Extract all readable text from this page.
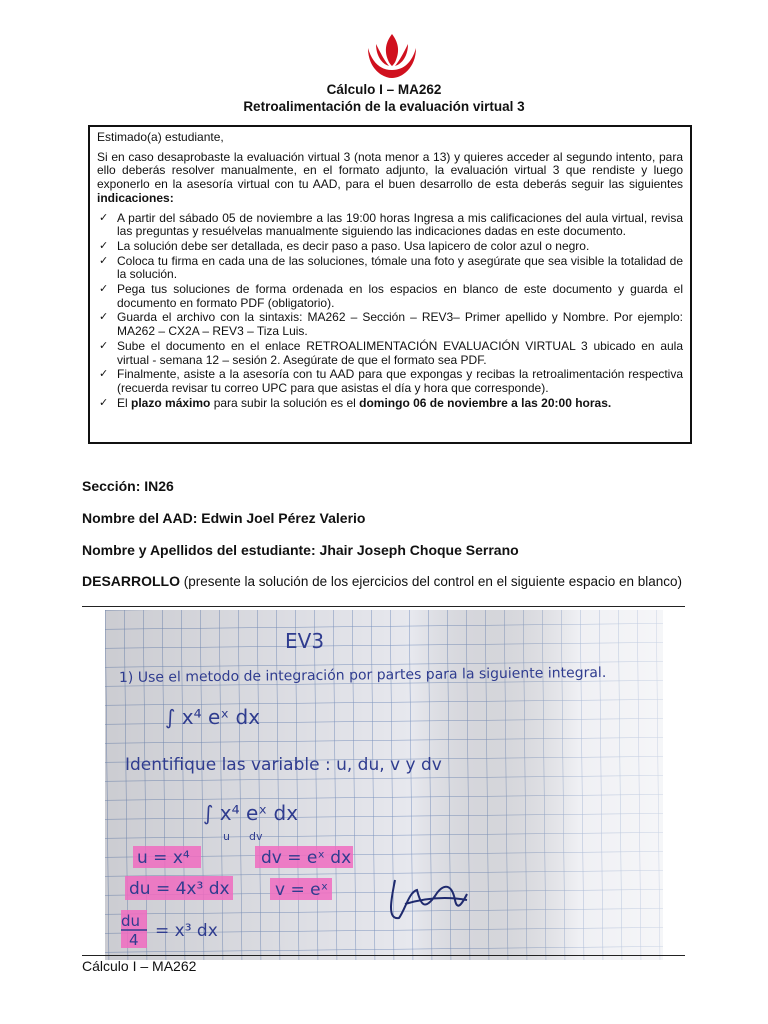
Cálculo I – MA262
Retroalimentación de la evaluación virtual 3

Estimado(a) estudiante,

Si en caso desaprobaste la evaluación virtual 3 (nota menor a 13) y quieres acceder al segundo intento, para ello deberás resolver manualmente, en el formato adjunto, la evaluación virtual 3 que rendiste y luego exponerlo en la asesoría virtual con tu AAD, para el buen desarrollo de esta deberás seguir las siguientes indicaciones:

✓ A partir del sábado 05 de noviembre a las 19:00 horas Ingresa a mis calificaciones del aula virtual, revisa las preguntas y resuélvelas manualmente siguiendo las indicaciones dadas en este documento.
✓ La solución debe ser detallada, es decir paso a paso. Usa lapicero de color azul o negro.
✓ Coloca tu firma en cada una de las soluciones, tómale una foto y asegúrate que sea visible la totalidad de la solución.
✓ Pega tus soluciones de forma ordenada en los espacios en blanco de este documento y guarda el documento en formato PDF (obligatorio).
✓ Guarda el archivo con la sintaxis: MA262 – Sección – REV3– Primer apellido y Nombre. Por ejemplo: MA262 – CX2A – REV3 – Tiza Luis.
✓ Sube el documento en el enlace RETROALIMENTACIÓN EVALUACIÓN VIRTUAL 3 ubicado en aula virtual - semana 12 – sesión 2. Asegúrate de que el formato sea PDF.
✓ Finalmente, asiste a la asesoría con tu AAD para que expongas y recibas la retroalimentación respectiva (recuerda revisar tu correo UPC para que asistas el día y hora que corresponde).
✓ El plazo máximo para subir la solución es el domingo 06 de noviembre a las 20:00 horas.
Sección: IN26
Nombre del AAD: Edwin Joel Pérez Valerio
Nombre y Apellidos del estudiante: Jhair Joseph Choque Serrano
DESARROLLO (presente la solución de los ejercicios del control en el siguiente espacio en blanco)
EV3
1) Use el metodo de integración por partes para la siguiente integral.
∫ x⁴ eˣ dx
Identifique las variable : u, du, v y dv
∫ x⁴ eˣ dx
u dv
u = x⁴	dv = eˣ dx
du = 4x³ dx	v = eˣ
du
4 = x³ dx
Cálculo I – MA262
